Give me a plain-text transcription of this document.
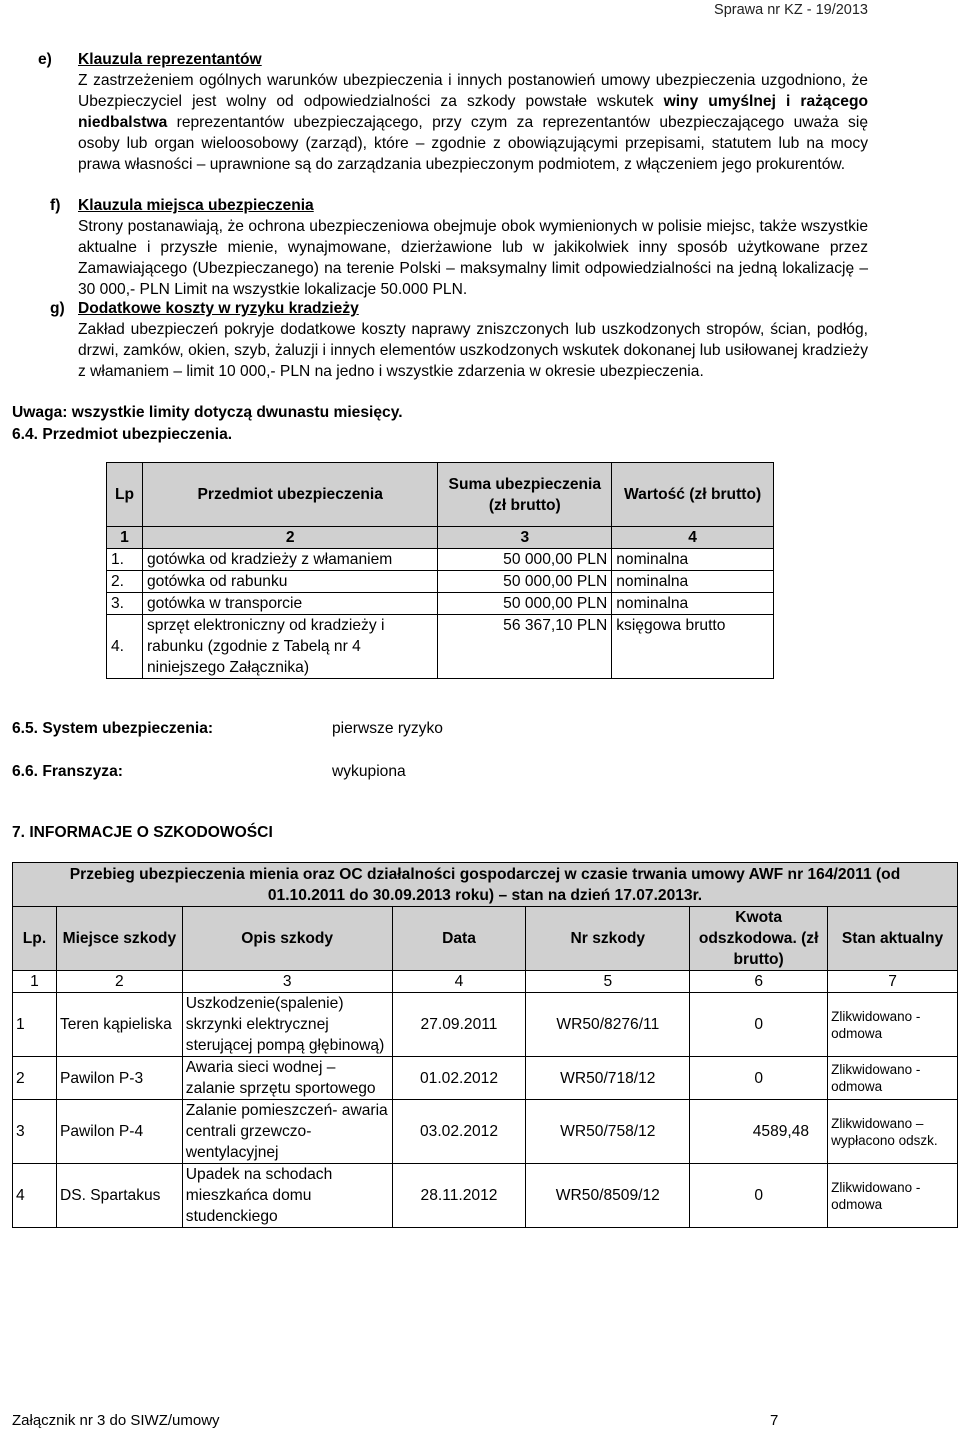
Sprawa nr KZ - 19/2013
e) Klauzula reprezentantów
Z zastrzeżeniem ogólnych warunków ubezpieczenia i innych postanowień umowy ubezpieczenia uzgodniono, że Ubezpieczyciel jest wolny od odpowiedzialności za szkody powstałe wskutek winy umyślnej i rażącego niedbalstwa reprezentantów ubezpieczającego, przy czym za reprezentantów ubezpieczającego uważa się osoby lub organ wieloosobowy (zarząd), które – zgodnie z obowiązującymi przepisami, statutem lub na mocy prawa własności – uprawnione są do zarządzania ubezpieczonym podmiotem, z włączeniem jego prokurentów.
f) Klauzula miejsca ubezpieczenia
Strony postanawiają, że ochrona ubezpieczeniowa obejmuje obok wymienionych w polisie miejsc, także wszystkie aktualne i przyszłe mienie, wynajmowane, dzierżawione lub w jakikolwiek inny sposób użytkowane przez Zamawiającego (Ubezpieczanego) na terenie Polski – maksymalny limit odpowiedzialności na jedną lokalizację – 30 000,- PLN Limit na wszystkie lokalizacje 50.000 PLN.
g) Dodatkowe koszty w ryzyku kradzieży
Zakład ubezpieczeń pokryje dodatkowe koszty naprawy zniszczonych lub uszkodzonych stropów, ścian, podłóg, drzwi, zamków, okien, szyb, żaluzji i innych elementów uszkodzonych wskutek dokonanej lub usiłowanej kradzieży z włamaniem – limit 10 000,- PLN na jedno i wszystkie zdarzenia w okresie ubezpieczenia.
Uwaga: wszystkie limity dotyczą dwunastu miesięcy.
6.4. Przedmiot ubezpieczenia.
Lp	Przedmiot ubezpieczenia	Suma ubezpieczenia (zł brutto)	Wartość (zł brutto)
1	2	3	4
1.	gotówka od kradzieży z włamaniem	50 000,00 PLN	nominalna
2.	gotówka od rabunku	50 000,00 PLN	nominalna
3.	gotówka w transporcie	50 000,00 PLN	nominalna
4.	sprzęt elektroniczny od kradzieży i rabunku (zgodnie z Tabelą nr 4 niniejszego Załącznika)	56 367,10 PLN	księgowa brutto
6.5. System ubezpieczenia:	pierwsze ryzyko
6.6. Franszyza:	wykupiona
7. INFORMACJE O SZKODOWOŚCI
Przebieg ubezpieczenia mienia oraz OC działalności gospodarczej w czasie trwania umowy AWF nr 164/2011 (od 01.10.2011 do 30.09.2013 roku) – stan na dzień 17.07.2013r.						
Lp.	Miejsce szkody	Opis szkody	Data	Nr szkody	Kwota odszkodowa. (zł brutto)	Stan aktualny
1	2	3	4	5	6	7
1	Teren kąpieliska	Uszkodzenie(spalenie) skrzynki elektrycznej sterującej pompą głębinową)	27.09.2011	WR50/8276/11	0	Zlikwidowano - odmowa
2	Pawilon P-3	Awaria sieci wodnej – zalanie sprzętu sportowego	01.02.2012	WR50/718/12	0	Zlikwidowano - odmowa
3	Pawilon P-4	Zalanie pomieszczeń- awaria centrali grzewczo-wentylacyjnej	03.02.2012	WR50/758/12	4589,48	Zlikwidowano – wypłacono odszk.
4	DS. Spartakus	Upadek na schodach mieszkańca domu studenckiego	28.11.2012	WR50/8509/12	0	Zlikwidowano - odmowa
Załącznik nr 3 do SIWZ/umowy	7
